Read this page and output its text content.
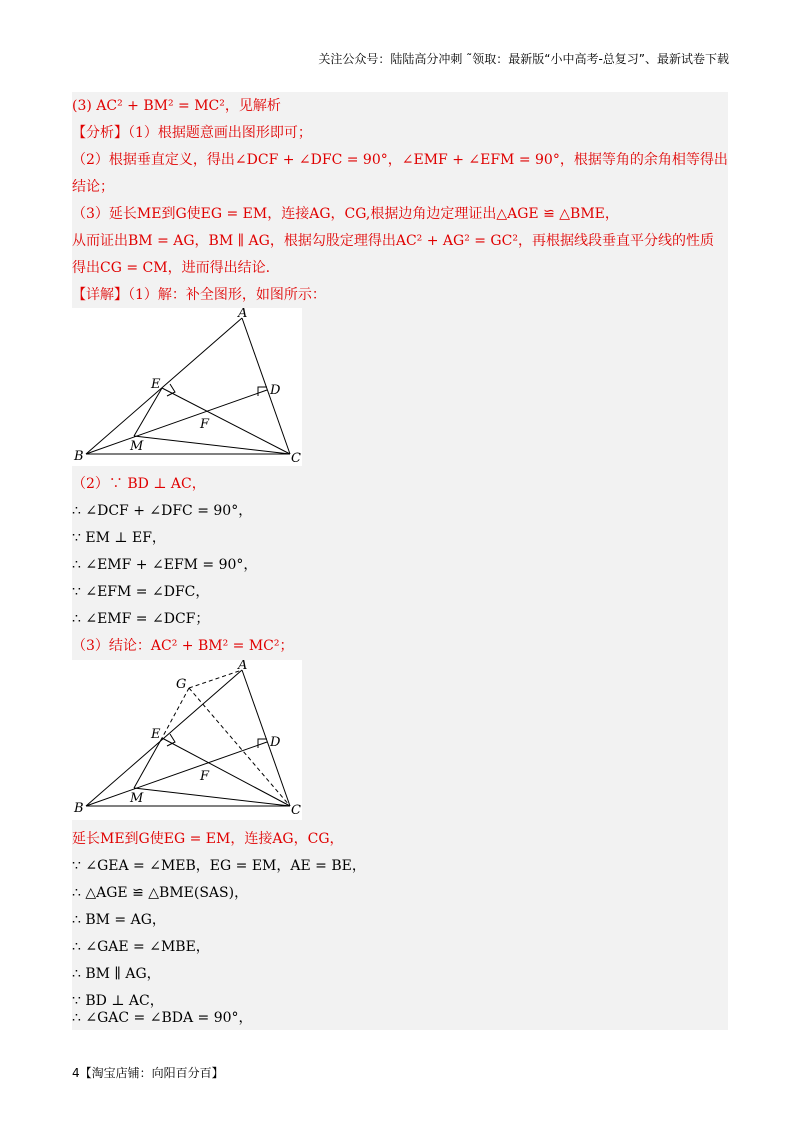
关注公众号：陆陆高分冲刺 ˜领取：最新版“小中高考-总复习”、最新试卷下载
(3) AC² + BM² = MC²，见解析
【分析】（1）根据题意画出图形即可；
（2）根据垂直定义，得出∠DCF + ∠DFC = 90°，∠EMF + ∠EFM = 90°，根据等角的余角相等得出
结论；
（3）延长ME到G使EG = EM，连接AG，CG,根据边角边定理证出△AGE ≌ △BME，
从而证出BM = AG，BM ∥ AG，根据勾股定理得出AC² + AG² = GC²，再根据线段垂直平分线的性质
得出CG = CM，进而得出结论.
【详解】（1）解：补全图形，如图所示：
A
B	C
D
E
F
M
（2）∵ BD ⊥ AC，
∴ ∠DCF + ∠DFC = 90°，
∵ EM ⊥ EF，
∴ ∠EMF + ∠EFM = 90°，
∵ ∠EFM = ∠DFC，
∴ ∠EMF = ∠DCF；
（3）结论：AC² + BM² = MC²；
A
B	C
D
E
F
M
G
延长ME到G使EG = EM，连接AG，CG，
∵ ∠GEA = ∠MEB，EG = EM，AE = BE，
∴ △AGE ≌ △BME(SAS)，
∴ BM = AG，
∴ ∠GAE = ∠MBE，
∴ BM ∥ AG，
∵ BD ⊥ AC，
∴ ∠GAC = ∠BDA = 90°，
4【淘宝店铺：向阳百分百】
